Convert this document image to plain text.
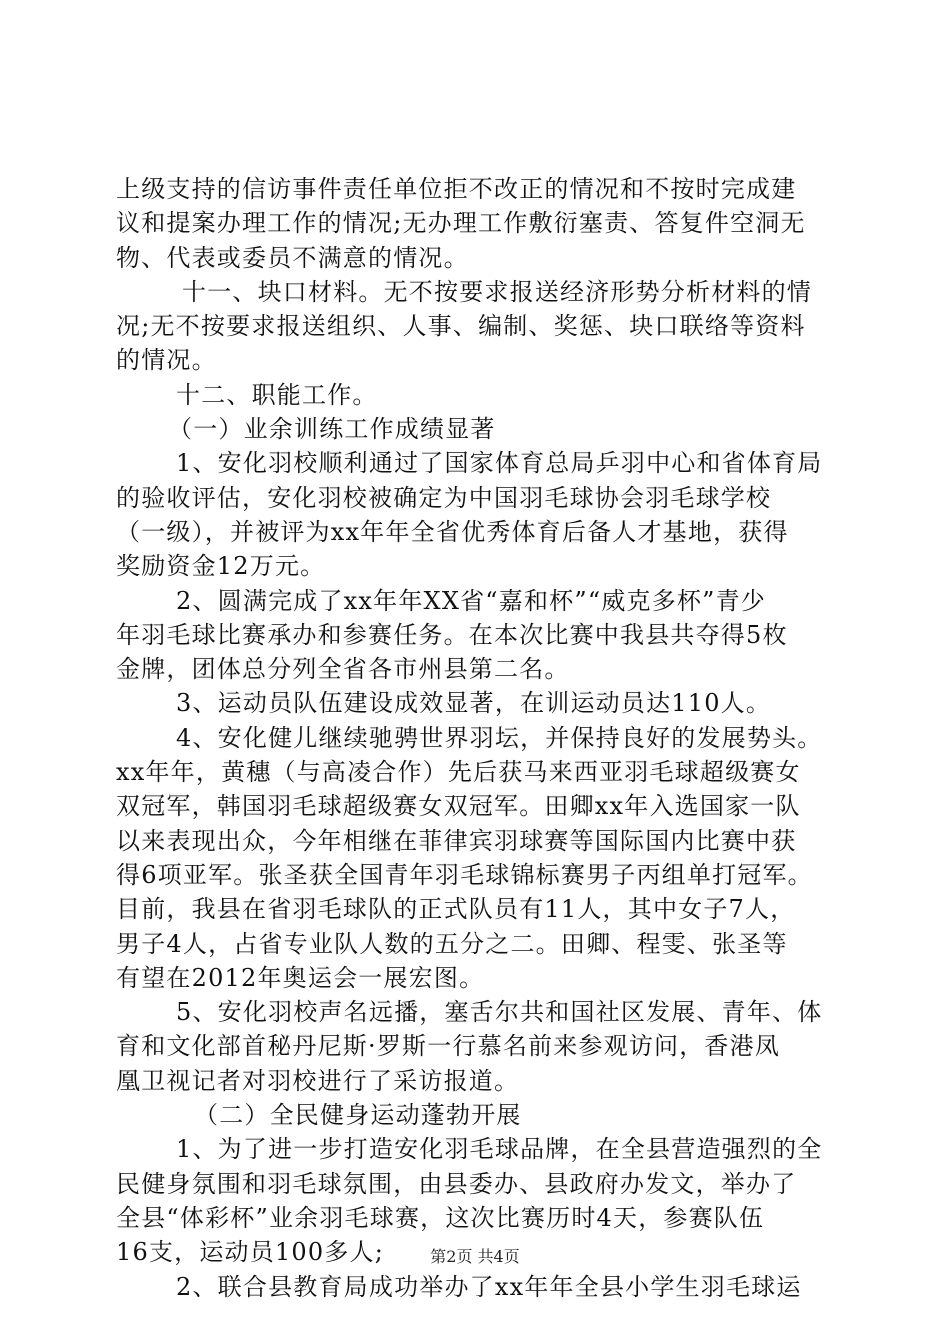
上级支持的信访事件责任单位拒不改正的情况和不按时完成建
议和提案办理工作的情况;无办理工作敷衍塞责、答复件空洞无
物、代表或委员不满意的情况。
十一、块口材料。无不按要求报送经济形势分析材料的情
况;无不按要求报送组织、人事、编制、奖惩、块口联络等资料
的情况。
十二、职能工作。
（一）业余训练工作成绩显著
1、安化羽校顺利通过了国家体育总局乒羽中心和省体育局
的验收评估，安化羽校被确定为中国羽毛球协会羽毛球学校
（一级），并被评为xx年年全省优秀体育后备人才基地，获得
奖励资金12万元。
2、圆满完成了xx年年XX省“嘉和杯”“威克多杯”青少
年羽毛球比赛承办和参赛任务。在本次比赛中我县共夺得5枚
金牌，团体总分列全省各市州县第二名。
3、运动员队伍建设成效显著，在训运动员达110人。
4、安化健儿继续驰骋世界羽坛，并保持良好的发展势头。
xx年年，黄穗（与高凌合作）先后获马来西亚羽毛球超级赛女
双冠军，韩国羽毛球超级赛女双冠军。田卿xx年入选国家一队
以来表现出众，今年相继在菲律宾羽球赛等国际国内比赛中获
得6项亚军。张圣获全国青年羽毛球锦标赛男子丙组单打冠军。
目前，我县在省羽毛球队的正式队员有11人，其中女子7人，
男子4人，占省专业队人数的五分之二。田卿、程雯、张圣等
有望在2012年奥运会一展宏图。
5、安化羽校声名远播，塞舌尔共和国社区发展、青年、体
育和文化部首秘丹尼斯·罗斯一行慕名前来参观访问，香港凤
凰卫视记者对羽校进行了采访报道。
（二）全民健身运动蓬勃开展
1、为了进一步打造安化羽毛球品牌，在全县营造强烈的全
民健身氛围和羽毛球氛围，由县委办、县政府办发文，举办了
全县“体彩杯”业余羽毛球赛，这次比赛历时4天，参赛队伍
16支，运动员100多人;
2、联合县教育局成功举办了xx年年全县小学生羽毛球运
第2页 共4页
